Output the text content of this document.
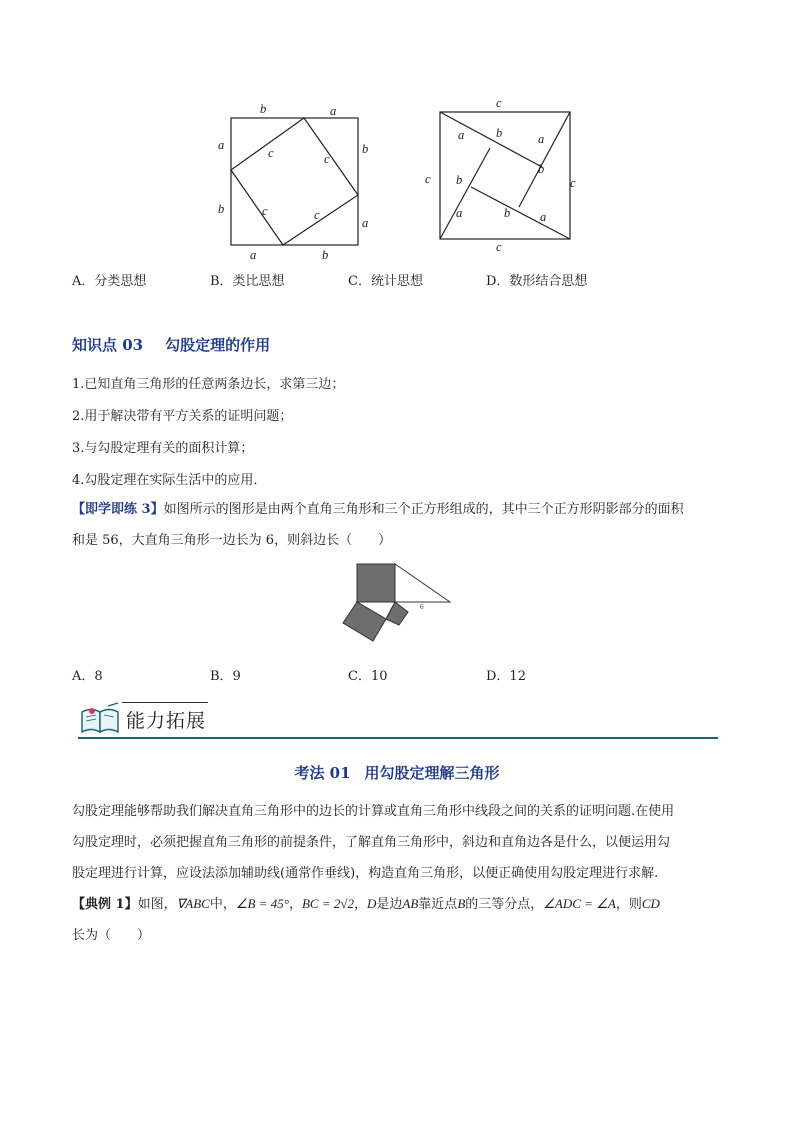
b	a
a
b
b
a
a	b
c	c
c	c
c
c
c	c
a	b	a
b
b
b
a	a
A．分类思想	B．类比思想	C．统计思想	D．数形结合思想
知识点 03 勾股定理的作用
1.已知直角三角形的任意两条边长，求第三边；
2.用于解决带有平方关系的证明问题；
3.与勾股定理有关的面积计算；
4.勾股定理在实际生活中的应用．
【即学即练 3】如图所示的图形是由两个直角三角形和三个正方形组成的，其中三个正方形阴影部分的面积
和是 56，大直角三角形一边长为 6，则斜边长（　　）
6
A．8	B．9	C．10	D．12
能力拓展
考法 01 用勾股定理解三角形
勾股定理能够帮助我们解决直角三角形中的边长的计算或直角三角形中线段之间的关系的证明问题.在使用
勾股定理时，必须把握直角三角形的前提条件，了解直角三角形中，斜边和直角边各是什么，以便运用勾
股定理进行计算，应设法添加辅助线(通常作垂线)，构造直角三角形，以便正确使用勾股定理进行求解.
【典例 1】如图，∇ABC中，∠B = 45°，BC = 2√2，D是边AB靠近点B的三等分点，∠ADC = ∠A，则CD
长为（　　）
